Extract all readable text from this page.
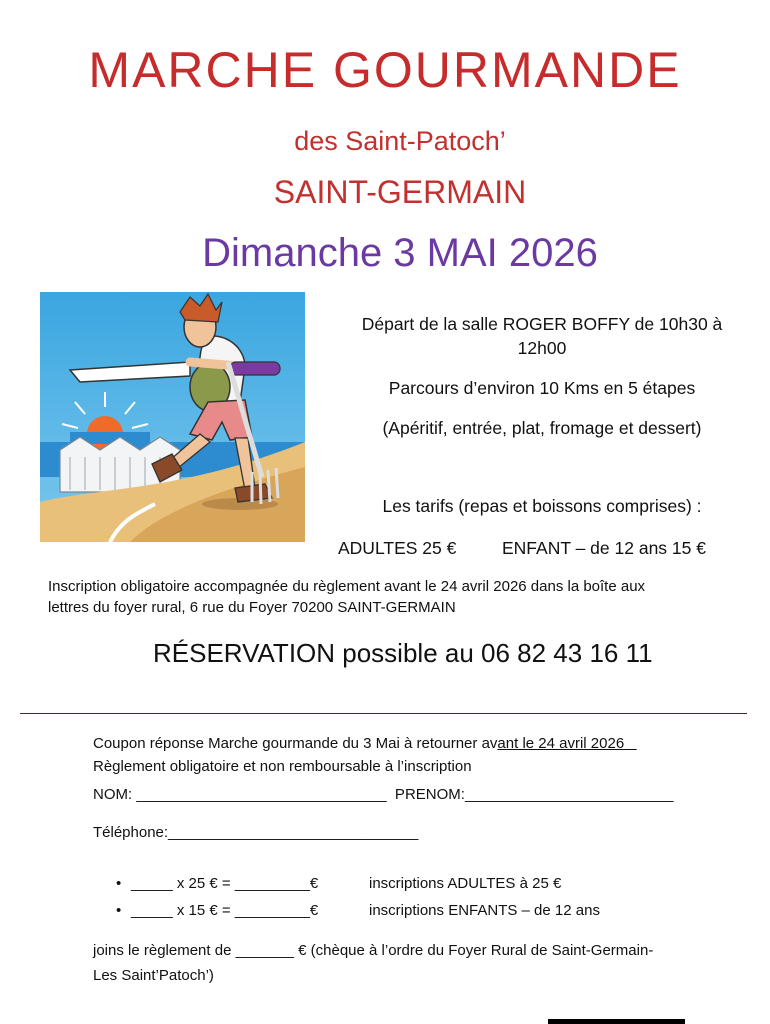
MARCHE GOURMANDE
des Saint-Patoch’
SAINT-GERMAIN
Dimanche 3 MAI 2026
Départ de la salle ROGER BOFFY de 10h30 à
12h00
Parcours d’environ 10 Kms en 5 étapes
(Apéritif, entrée, plat, fromage et dessert)
Les tarifs (repas et boissons comprises) :
ADULTES 25 €	ENFANT – de 12 ans 15 €
Inscription obligatoire accompagnée du règlement avant le 24 avril 2026 dans la boîte aux
lettres du foyer rural, 6 rue du Foyer 70200 SAINT-GERMAIN
RÉSERVATION possible au 06 82 43 16 11
Coupon réponse Marche gourmande du 3 Mai à retourner avant le 24 avril 2026
Règlement obligatoire et non remboursable à l’inscription
NOM: ______________________________  PRENOM:_________________________
Téléphone:______________________________
• _____ x 25 € = _________€	inscriptions ADULTES à 25 €
• _____ x 15 € = _________€	inscriptions ENFANTS – de 12 ans
joins le règlement de _______ € (chèque à l’ordre du Foyer Rural de Saint-Germain-
Les Saint’Patoch’)
